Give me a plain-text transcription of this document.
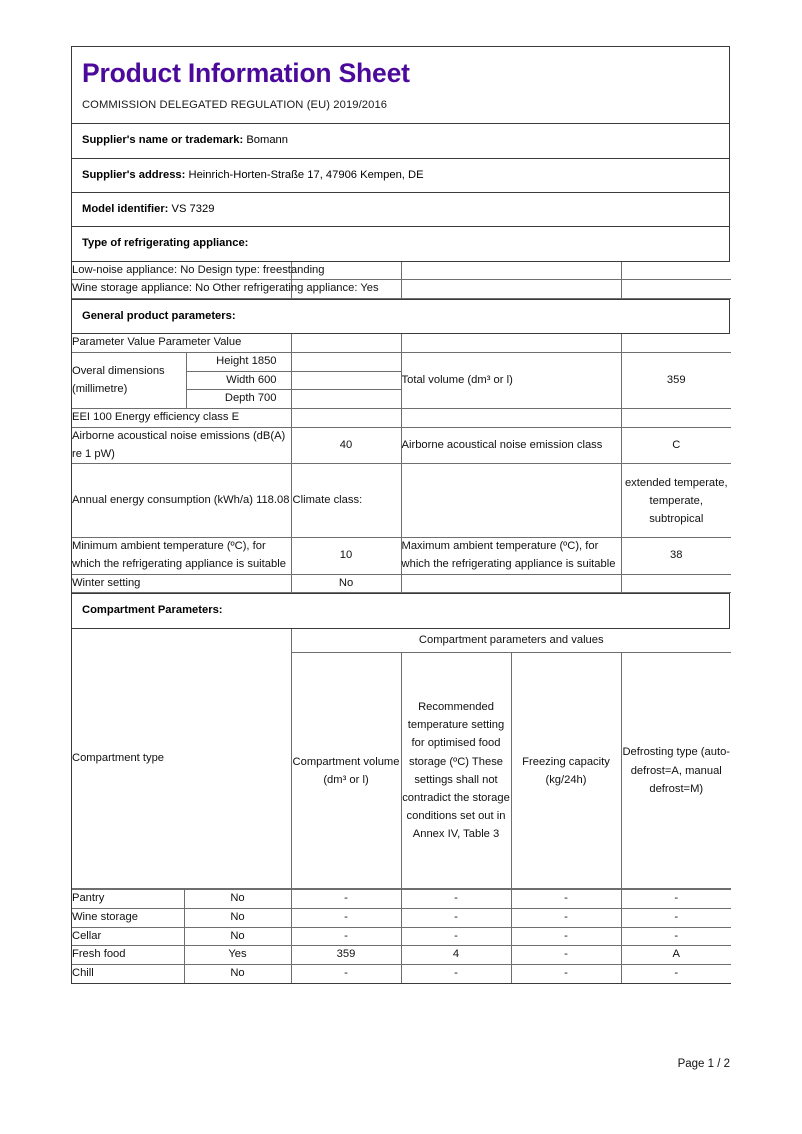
Product Information Sheet
COMMISSION DELEGATED REGULATION (EU) 2019/2016
Supplier's name or trademark: Bomann
Supplier's address: Heinrich-Horten-Straße 17, 47906 Kempen, DE
Model identifier: VS 7329
Type of refrigerating appliance:
Low-noise appliance: No Design type: freestanding			
Wine storage appliance: No Other refrigerating appliance: Yes			
General product parameters:
Parameter Value Parameter Value				
Overal dimensions (millimetre)	Height 1850		Total volume (dm³ or l)	359
	Width 600			
	Depth 700			
EEI 100 Energy efficiency class E				
Airborne acoustical noise emissions (dB(A) re 1 pW)		40	Airborne acoustical noise emission class	C
Annual energy consumption (kWh/a) 118.08 Climate class:				extended temperate, temperate, subtropical
Minimum ambient temperature (ºC), for which the refrigerating appliance is suitable		10	Maximum ambient temperature (ºC), for which the refrigerating appliance is suitable	38
Winter setting		No		
Compartment Parameters:
Compartment type	Compartment parameters and values			
	Compartment volume (dm³ or l)	Recommended temperature setting for optimised food storage (ºC) These settings shall not contradict the storage conditions set out in Annex IV, Table 3	Freezing capacity (kg/24h)	Defrosting type (auto-defrost=A, manual defrost=M)
Pantry	No	-	-	-	-
Wine storage	No	-	-	-	-
Cellar	No	-	-	-	-
Fresh food	Yes	359	4	-	A
Chill	No	-	-	-	-
Page 1 / 2
